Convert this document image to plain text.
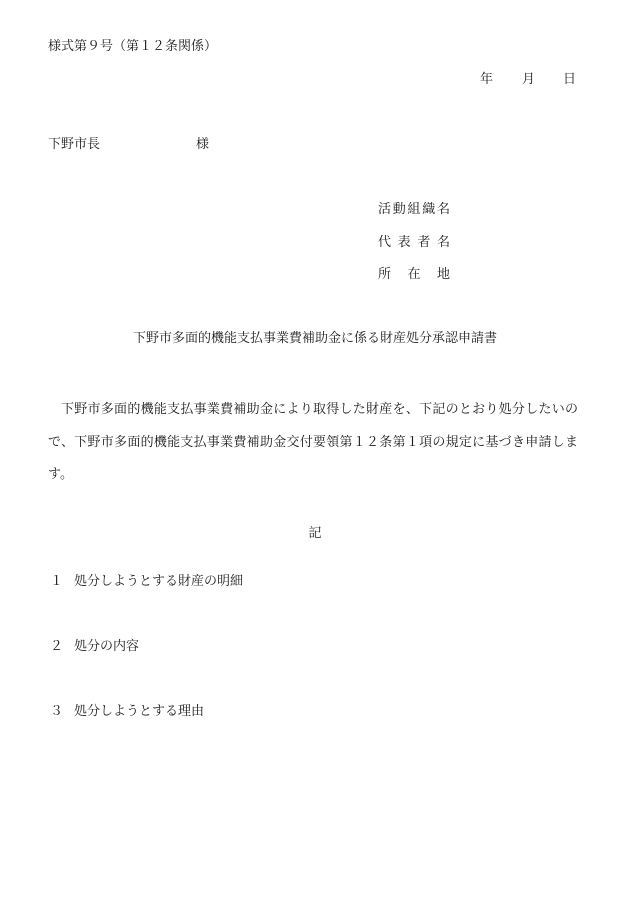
様式第９号（第１２条関係）
年 月 日
下野市長	様
活 動 組 織 名
代 表 者 名
所 在 地
下野市多面的機能支払事業費補助金に係る財産処分承認申請書

下野市多面的機能支払事業費補助金により取得した財産を、下記のとおり処分したいので、下野市多面的機能支払事業費補助金交付要領第１２条第１項の規定に基づき申請します。

記
１ 処分しようとする財産の明細
２ 処分の内容
３ 処分しようとする理由
